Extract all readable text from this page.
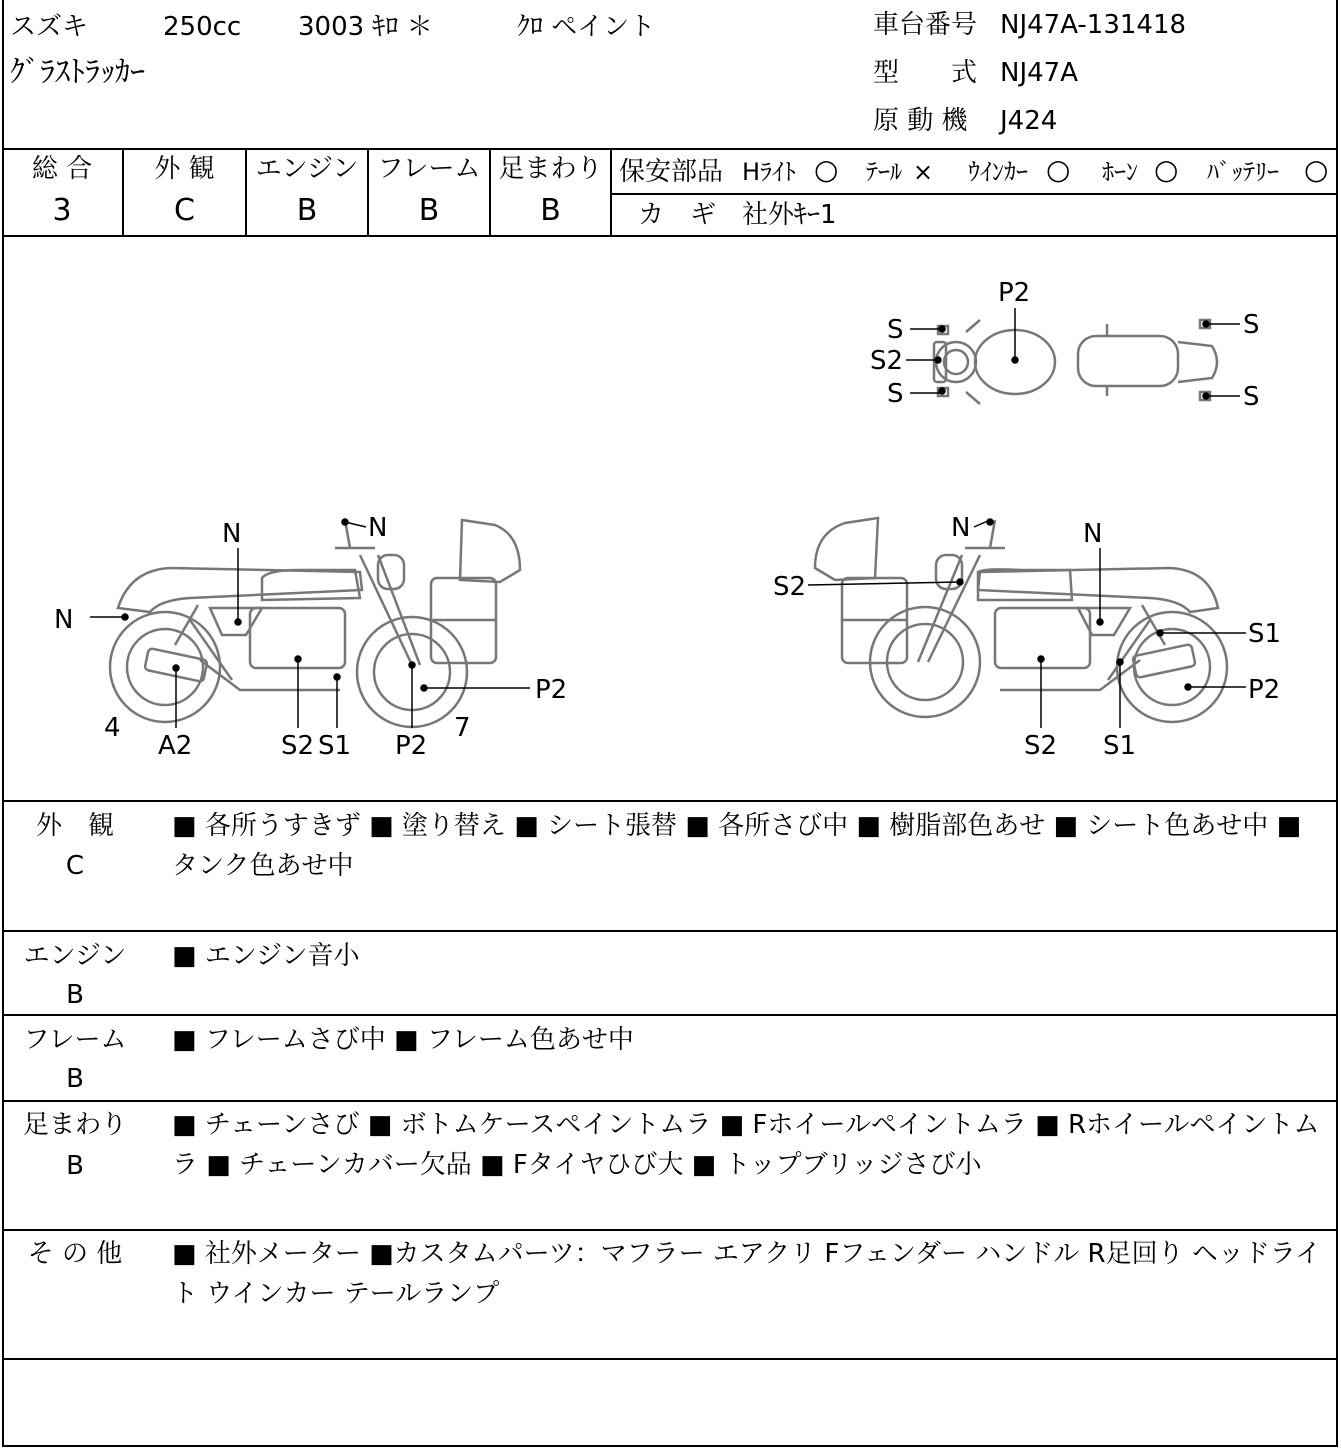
スズキ	250cc 3003 ｷﾛ ＊	ｸﾛ ペイント
ｸﾞﾗｽﾄﾗｯｶｰ
車台番号 NJ47A-131418
型　　式 NJ47A
原 動 機 J424
総 合
3
外 観
C
エンジン
B
フレーム
B
足まわり
B
保安部品 Hﾗｲﾄ ○ ﾃｰﾙ × ｳｲﾝｶｰ ○ ﾎｰﾝ ○ ﾊﾞｯﾃﾘｰ ○
カ　ギ 社外ｷｰ1
P2
S
S2
S
S
S
N	N
N
4
A2	S2 S1 P2
P2
7
N	N
S2
S1
P2
S2 S1
外　観
C
■ 各所うすきず ■ 塗り替え ■ シート張替 ■ 各所さび中 ■ 樹脂部色あせ ■ シート色あせ中 ■ タンク色あせ中
エンジン
B
■ エンジン音小
フレーム
B
■ フレームさび中 ■ フレーム色あせ中
足まわり
B
■ チェーンさび ■ ボトムケースペイントムラ ■ Fホイールペイントムラ ■ Rホイールペイントムラ ■ チェーンカバー欠品 ■ Fタイヤひび大 ■ トップブリッジさび小
そ の 他	■ 社外メーター ■カスタムパーツ：マフラー エアクリ Fフェンダー ハンドル R足回り ヘッドライト ウインカー テールランプ
